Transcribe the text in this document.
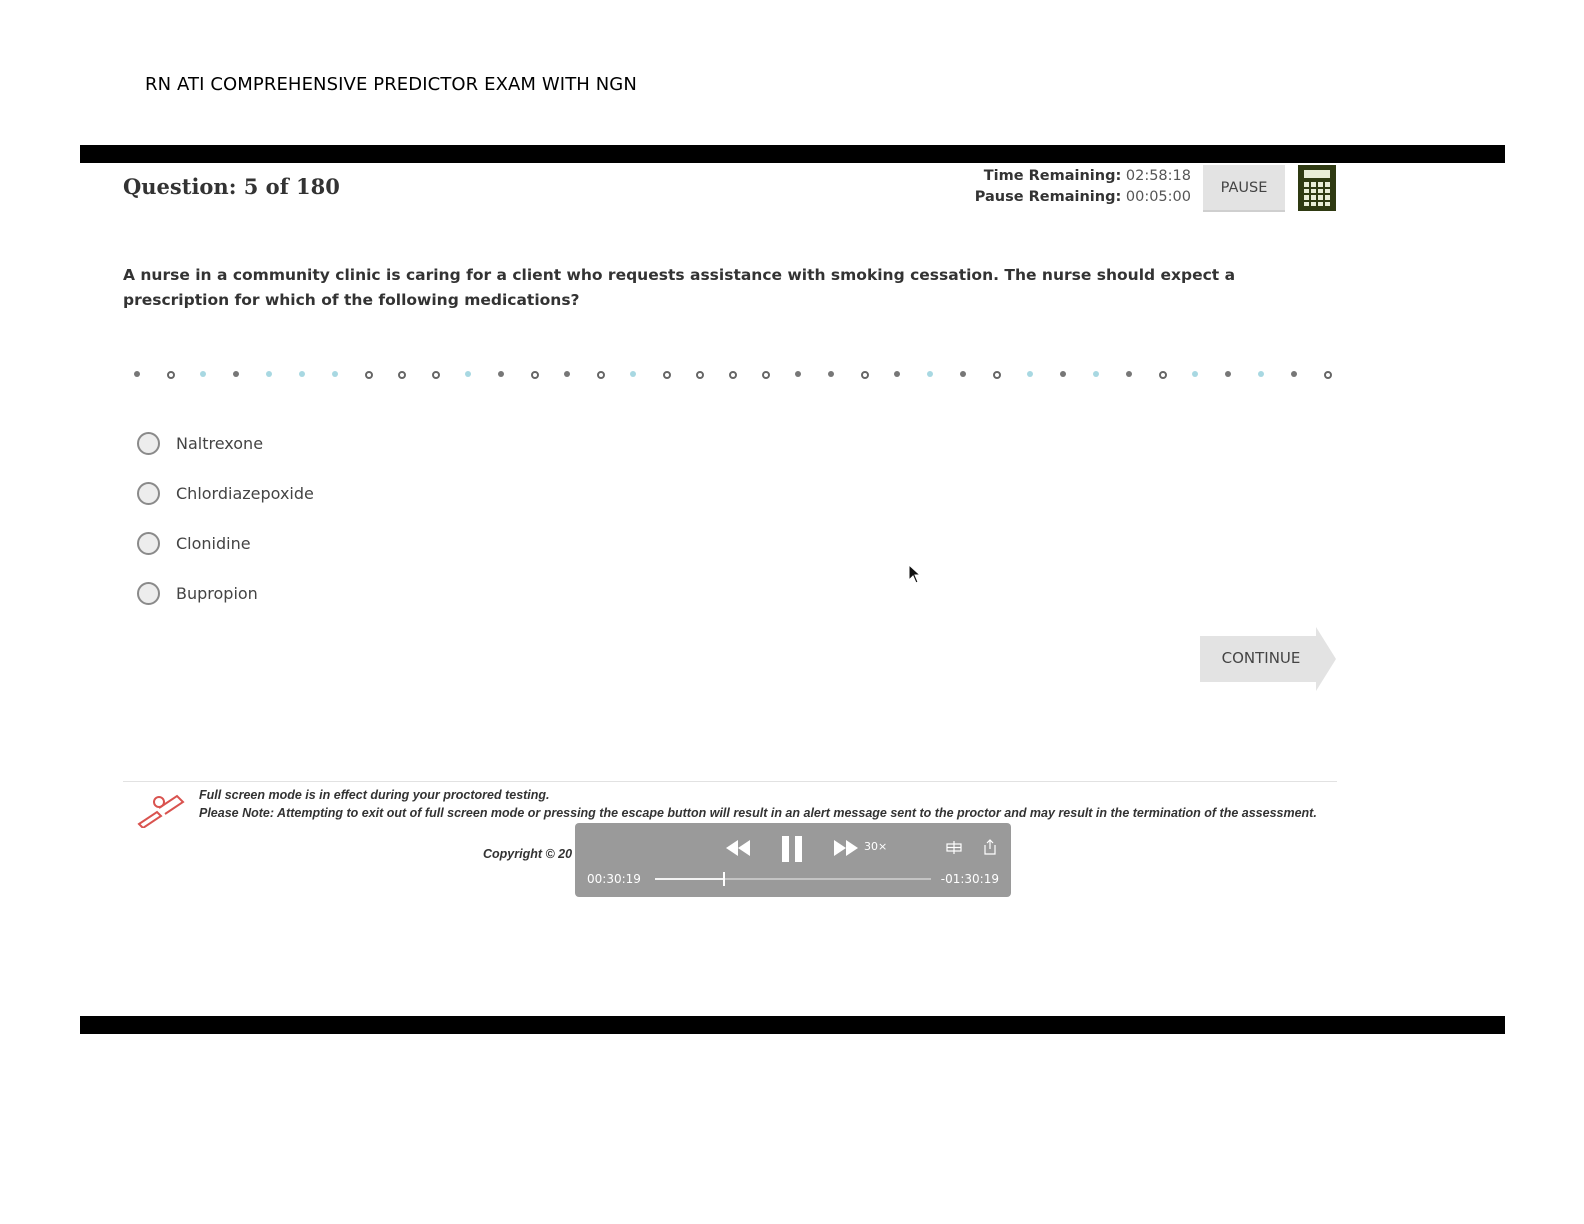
RN ATI COMPREHENSIVE PREDICTOR EXAM WITH NGN
Question: 5 of 180	Time Remaining: 02:58:18
Pause Remaining: 00:05:00
PAUSE
A nurse in a community clinic is caring for a client who requests assistance with smoking cessation. The nurse should expect a prescription for which of the following medications?
Naltrexone
Chlordiazepoxide
Clonidine
Bupropion
CONTINUE
Full screen mode is in effect during your proctored testing.
Please Note: Attempting to exit out of full screen mode or pressing the escape button will result in an alert message sent to the proctor and may result in the termination of the assessment.
Copyright © 20
30×
00:30:19	-01:30:19
